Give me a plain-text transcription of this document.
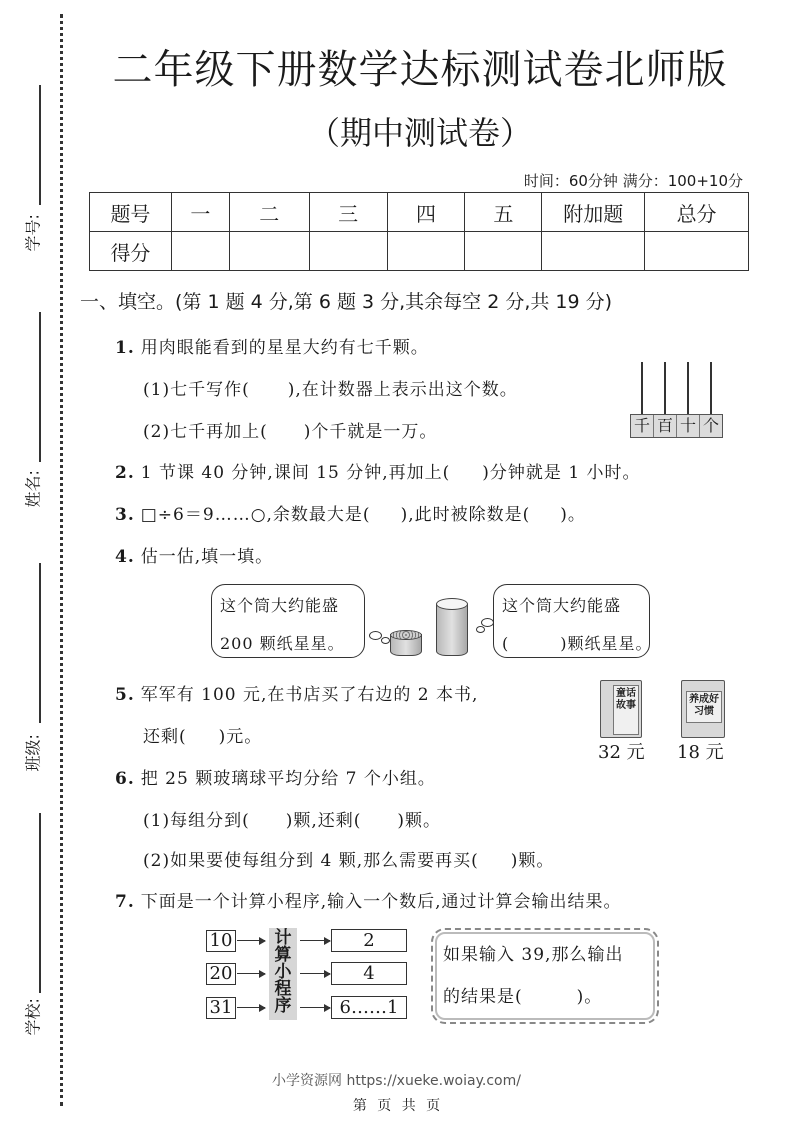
学号:
姓名:
班级:
学校:
二年级下册数学达标测试卷北师版
（期中测试卷）
时间：60分钟 满分：100+10分
题号	一	二	三	四	五	附加题	总分
得分							
一、填空。(第 1 题 4 分,第 6 题 3 分,其余每空 2 分,共 19 分)
1. 用肉眼能看到的星星大约有七千颗。
(1)七千写作( ),在计数器上表示出这个数。
(2)七千再加上( )个千就是一万。	千 百 十 个
2. 1 节课 40 分钟,课间 15 分钟,再加上( )分钟就是 1 小时。
3. □÷6＝9……○,余数最大是( ),此时被除数是( )。
4. 估一估,填一填。
这个筒大约能盛
200 颗纸星星。
这个筒大约能盛
(　　　)颗纸星星。
5. 军军有 100 元,在书店买了右边的 2 本书,
还剩( )元。
童话故事
32 元
养成好习惯
18 元
6. 把 25 颗玻璃球平均分给 7 个小组。
(1)每组分到( )颗,还剩( )颗。
(2)如果要使每组分到 4 颗,那么需要再买( )颗。
7. 下面是一个计算小程序,输入一个数后,通过计算会输出结果。
10
20
31
计算小程序
2
4
6……1
如果输入 39,那么输出
的结果是(　　　)。
小学资源网 https://xueke.woiay.com/
第 页 共 页
